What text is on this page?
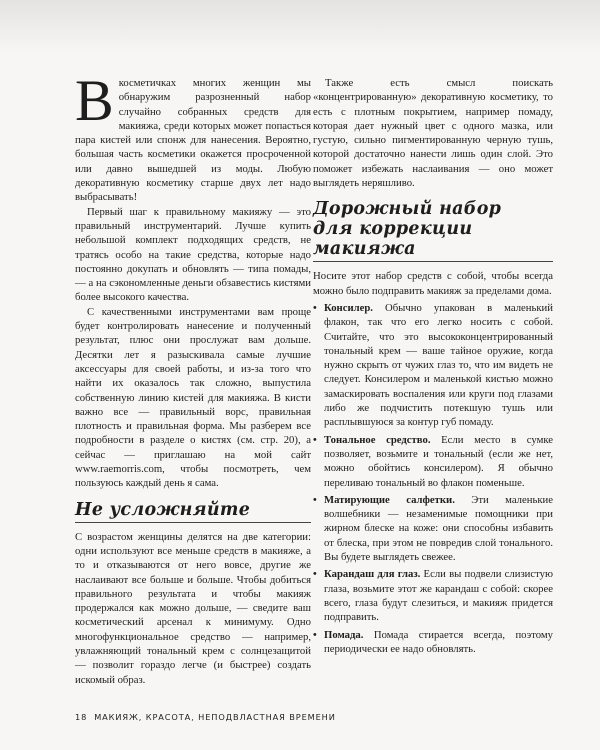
Вкосметичках многих женщин мы обнаружим разрозненный набор случайно собранных средств для макияжа, среди которых может попасться пара кистей или спонж для нанесения. Вероятно, большая часть косметики окажется просроченной или давно вышедшей из моды. Любую декоративную косметику старше двух лет надо выбрасывать!

Первый шаг к правильному макияжу — это правильный инструментарий. Лучше купить небольшой комплект подходящих средств, не тратясь особо на такие средства, которые надо постоянно докупать и обновлять — типа помады, — а на сэкономленные деньги обзавестись кистями более высокого качества.

С качественными инструментами вам проще будет контролировать нанесение и полученный результат, плюс они прослужат вам дольше. Десятки лет я разыскивала самые лучшие аксессуары для своей работы, и из-за того что найти их оказалось так сложно, выпустила собственную линию кистей для макияжа. В кисти важно все — правильный ворс, правильная плотность и правильная форма. Мы разберем все подробности в разделе о кистях (см. стр. 20), а сейчас — приглашаю на мой сайт www.raemorris.com, чтобы посмотреть, чем пользуюсь каждый день я сама.

Не усложняйте

С возрастом женщины делятся на две категории: одни используют все меньше средств в макияже, а то и отказываются от него вовсе, другие же наслаивают все больше и больше. Чтобы добиться правильного результата и чтобы макияж продержался как можно дольше, — сведите ваш косметический арсенал к минимуму. Одно многофункциональное средство — например, увлажняющий тональный крем с солнцезащитой — позволит гораздо легче (и быстрее) создать искомый образ.

Также есть смысл поискать «концентрированную» декоративную косметику, то есть с плотным покрытием, например помаду, которая дает нужный цвет с одного мазка, или густую, сильно пигментированную черную тушь, которой достаточно нанести лишь один слой. Это поможет избежать наслаивания — оно может выглядеть неряшливо.

Дорожный набор
для коррекции макияжа

Носите этот набор средств с собой, чтобы всегда можно было подправить макияж за пределами дома.

• Консилер. Обычно упакован в маленький флакон, так что его легко носить с собой. Считайте, что это высококонцентрированный тональный крем — ваше тайное оружие, когда нужно скрыть от чужих глаз то, что им видеть не следует. Консилером и маленькой кистью можно замаскировать воспаления или круги под глазами либо же подчистить потекшую тушь или расплывшуюся за контур губ помаду.
• Тональное средство. Если место в сумке позволяет, возьмите и тональный (если же нет, можно обойтись консилером). Я обычно переливаю тональный во флакон поменьше.
• Матирующие салфетки. Эти маленькие волшебники — незаменимые помощники при жирном блеске на коже: они способны избавить от блеска, при этом не повредив слой тонального. Вы будете выглядеть свежее.
• Карандаш для глаз. Если вы подвели слизистую глаза, возьмите этот же карандаш с собой: скорее всего, глаза будут слезиться, и макияж придется подправить.
• Помада. Помада стирается всегда, поэтому периодически ее надо обновлять.
18 МАКИЯЖ, КРАСОТА, НЕПОДВЛАСТНАЯ ВРЕМЕНИ
